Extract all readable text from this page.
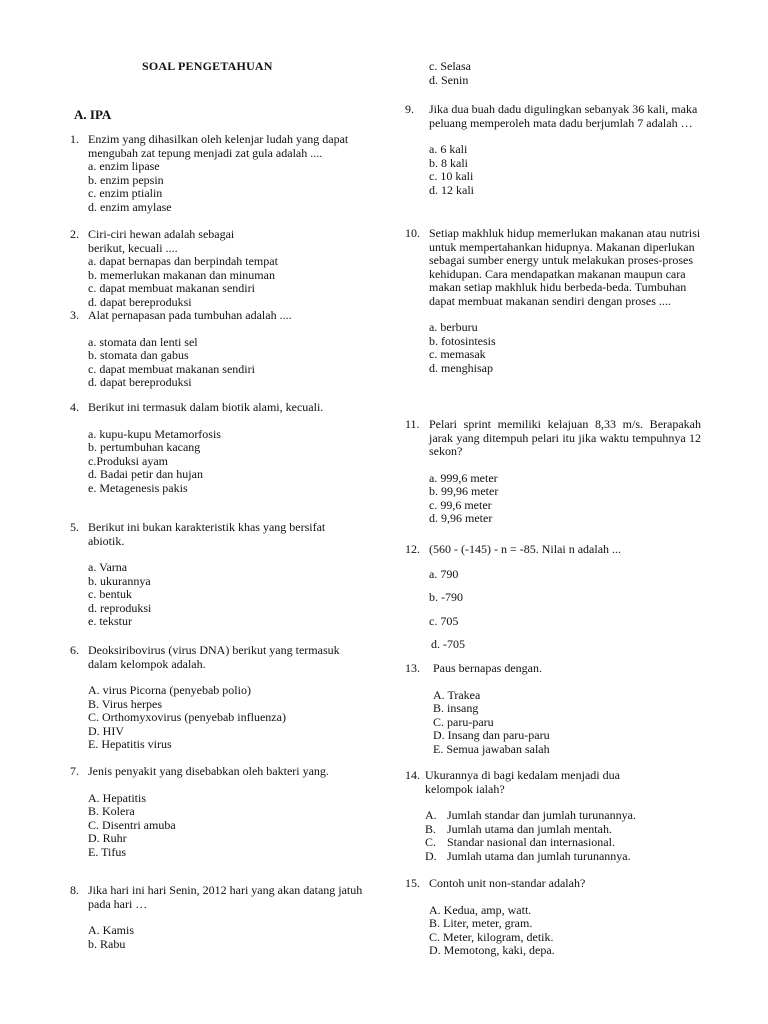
SOAL PENGETAHUAN
A. IPA
1. Enzim yang dihasilkan oleh kelenjar ludah yang dapat mengubah zat tepung menjadi zat gula adalah ....
a. enzim lipase
b. enzim pepsin
c. enzim ptialin
d. enzim amylase
2. Ciri-ciri hewan adalah sebagai berikut, kecuali ....
a. dapat bernapas dan berpindah tempat
b. memerlukan makanan dan minuman
c. dapat membuat makanan sendiri
d. dapat bereproduksi
3. Alat pernapasan pada tumbuhan adalah ....
a. stomata dan lenti sel
b. stomata dan gabus
c. dapat membuat makanan sendiri
d. dapat bereproduksi
4. Berikut ini termasuk dalam biotik alami, kecuali.
a. kupu-kupu Metamorfosis
b. pertumbuhan kacang
c.Produksi ayam
d. Badai petir dan hujan
e. Metagenesis pakis
5. Berikut ini bukan karakteristik khas yang bersifat abiotik.
a. Varna
b. ukurannya
c. bentuk
d. reproduksi
e. tekstur
6. Deoksiribovirus (virus DNA) berikut yang termasuk dalam kelompok adalah.
A. virus Picorna (penyebab polio)
B. Virus herpes
C. Orthomyxovirus (penyebab influenza)
D. HIV
E. Hepatitis virus
7. Jenis penyakit yang disebabkan oleh bakteri yang.
A. Hepatitis
B. Kolera
C. Disentri amuba
D. Ruhr
E. Tifus
8. Jika hari ini hari Senin, 2012 hari yang akan datang jatuh pada hari …
A. Kamis
b. Rabu
c. Selasa
d. Senin
9.	Jika dua buah dadu digulingkan sebanyak 36 kali, maka peluang memperoleh mata dadu berjumlah 7 adalah …
a. 6 kali
b. 8 kali
c. 10 kali
d. 12 kali
10. Setiap makhluk hidup memerlukan makanan atau nutrisi untuk mempertahankan hidupnya. Makanan diperlukan sebagai sumber energy untuk melakukan proses-proses kehidupan. Cara mendapatkan makanan maupun cara makan setiap makhluk hidu berbeda-beda. Tumbuhan dapat membuat makanan sendiri dengan proses ....
a. berburu
b. fotosintesis
c. memasak
d. menghisap
11. Pelari sprint memiliki kelajuan 8,33 m/s. Berapakah jarak yang ditempuh pelari itu jika waktu tempuhnya 12 sekon?
a. 999,6 meter
b. 99,96 meter
c. 99,6 meter
d. 9,96 meter
12. (560 - (-145) - n = -85. Nilai n adalah ...
a. 790
b. -790
c. 705
d. -705
13.	Paus bernapas dengan.
A. Trakea
B. insang
C. paru-paru
D. Insang dan paru-paru
E. Semua jawaban salah
14. Ukurannya di bagi kedalam menjadi dua kelompok ialah?
A. Jumlah standar dan jumlah turunannya.
B. Jumlah utama dan jumlah mentah.
C. Standar nasional dan internasional.
D. Jumlah utama dan jumlah turunannya.
15. Contoh unit non-standar adalah?
A. Kedua, amp, watt.
B. Liter, meter, gram.
C. Meter, kilogram, detik.
D. Memotong, kaki, depa.
